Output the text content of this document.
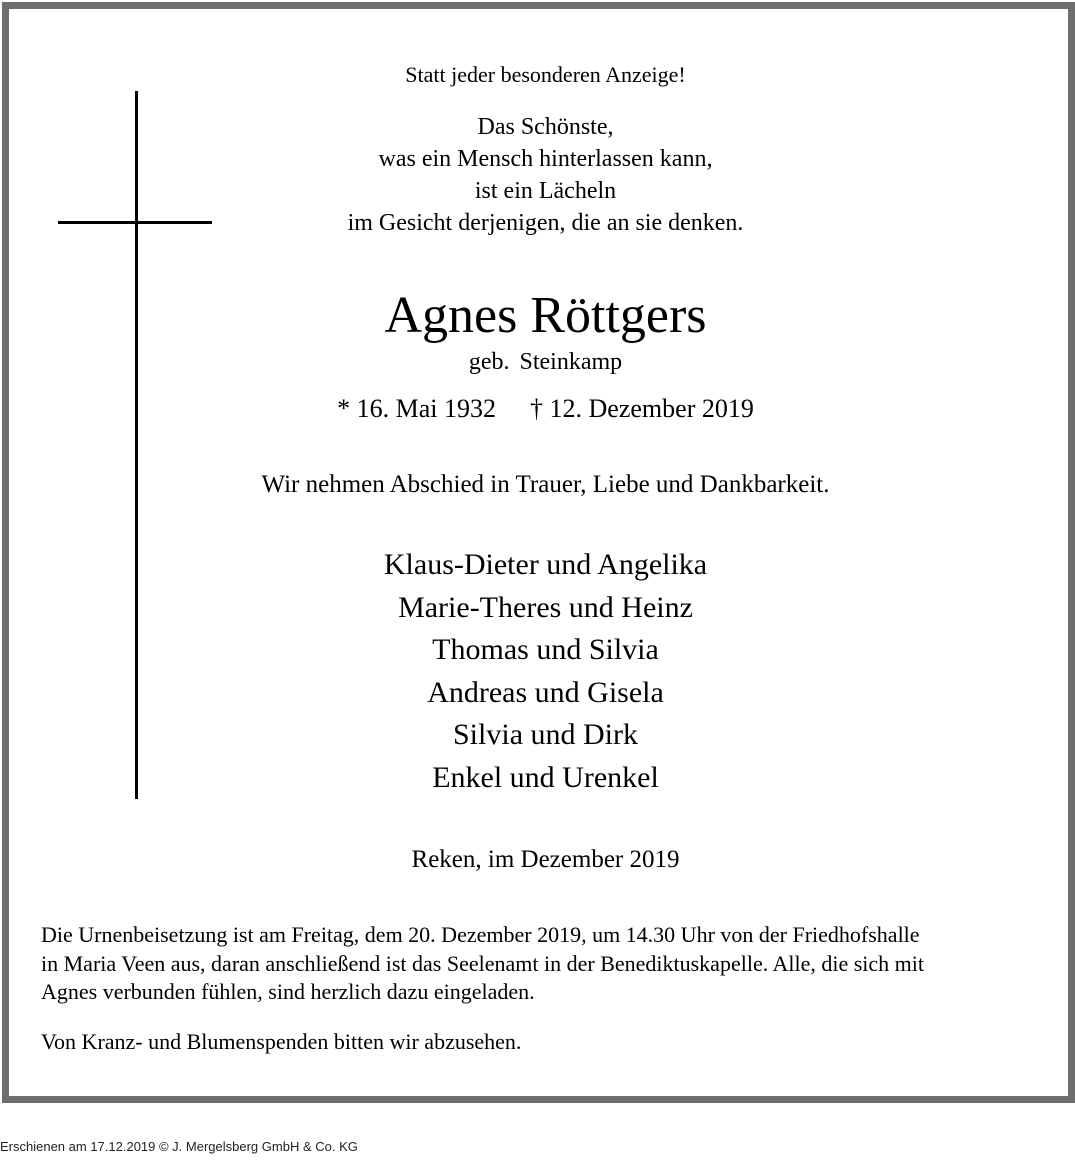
Statt jeder besonderen Anzeige!
Das Schönste,
was ein Mensch hinterlassen kann,
ist ein Lächeln
im Gesicht derjenigen, die an sie denken.
Agnes Röttgers
geb. Steinkamp
* 16. Mai 1932 † 12. Dezember 2019
Wir nehmen Abschied in Trauer, Liebe und Dankbarkeit.
Klaus-Dieter und Angelika
Marie-Theres und Heinz
Thomas und Silvia
Andreas und Gisela
Silvia und Dirk
Enkel und Urenkel
Reken, im Dezember 2019
Die Urnenbeisetzung ist am Freitag, dem 20. Dezember 2019, um 14.30 Uhr von der Friedhofshalle
in Maria Veen aus, daran anschließend ist das Seelenamt in der Benediktuskapelle. Alle, die sich mit
Agnes verbunden fühlen, sind herzlich dazu eingeladen.
Von Kranz- und Blumenspenden bitten wir abzusehen.
Erschienen am 17.12.2019 © J. Mergelsberg GmbH & Co. KG
